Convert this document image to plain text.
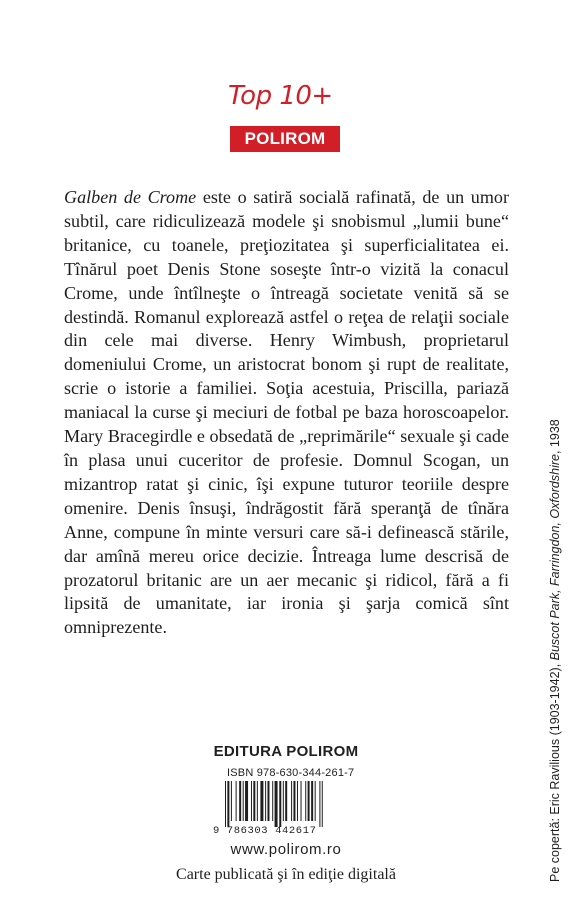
Top 10+
POLIROM

Galben de Crome este o satiră socială rafinată, de un umor subtil, care ridiculizează modele şi snobismul „lumii bune“ britanice, cu toanele, preţiozitatea şi superficialitatea ei. Tînărul poet Denis Stone soseşte într-o vizită la conacul Crome, unde întîlneşte o întreagă societate venită să se destindă. Romanul explorează astfel o reţea de relaţii sociale din cele mai diverse. Henry Wimbush, proprietarul domeniului Crome, un aristocrat bonom şi rupt de realitate, scrie o istorie a familiei. Soţia acestuia, Priscilla, pariază maniacal la curse şi meciuri de fotbal pe baza horoscoapelor. Mary Bracegirdle e obsedată de „reprimările“ sexuale şi cade în plasa unui cuceritor de profesie. Domnul Scogan, un mizantrop ratat şi cinic, îşi expune tuturor teoriile despre omenire. Denis însuşi, îndrăgostit fără speranţă de tînăra Anne, compune în minte versuri care să-i definească stările, dar amînă mereu orice decizie. Întreaga lume descrisă de prozatorul britanic are un aer mecanic şi ridicol, fără a fi lipsită de umanitate, iar ironia şi şarja comică sînt omniprezente.

Pe copertă: Eric Ravilious (1903-1942), Buscot Park, Farringdon, Oxfordshire, 1938
EDITURA POLIROM
ISBN 978-630-344-261-7
9 786303 442617
www.polirom.ro
Carte publicată şi în ediţie digitală
